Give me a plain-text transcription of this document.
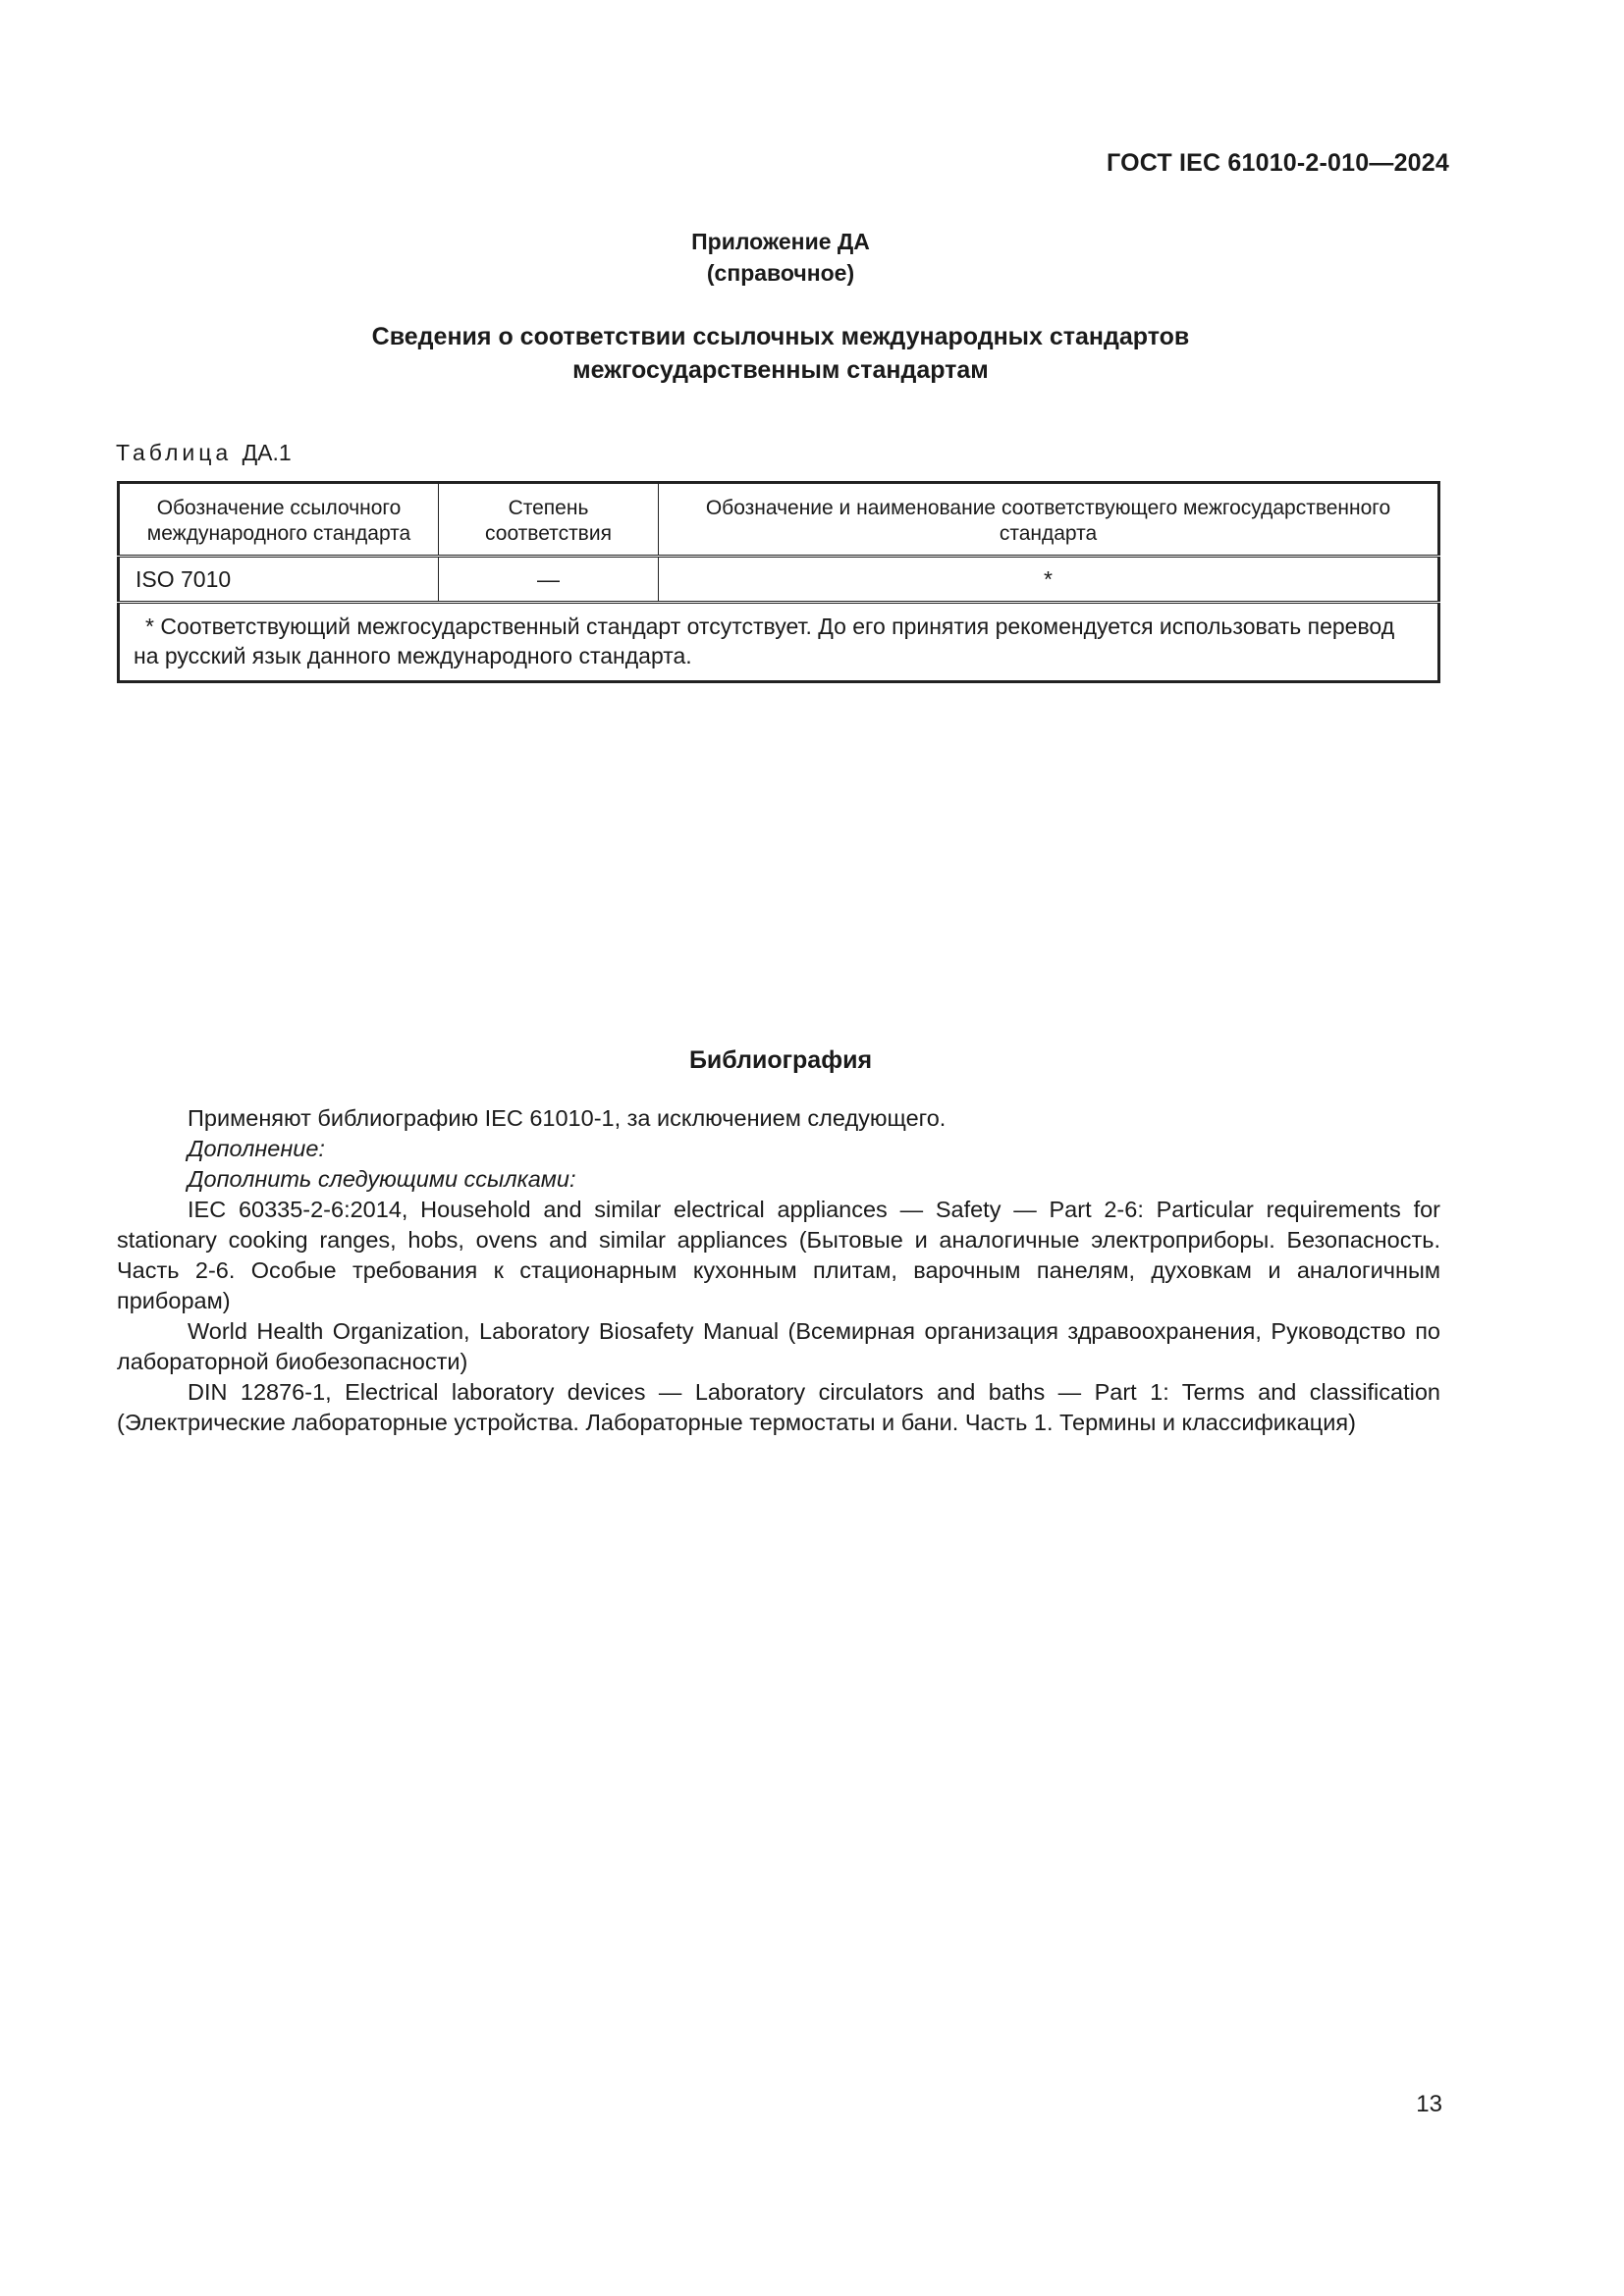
ГОСТ IEC 61010-2-010—2024
Приложение ДА
(справочное)
Сведения о соответствии ссылочных международных стандартов
межгосударственным стандартам
Таблица ДА.1
Обозначение ссылочного международного стандарта	Степень соответствия	Обозначение и наименование соответствующего межгосударственного стандарта
ISO 7010	—	*
* Соответствующий межгосударственный стандарт отсутствует. До его принятия рекомендуется использовать перевод на русский язык данного международного стандарта.		
Библиография

Применяют библиографию IEC 61010-1, за исключением следующего.

Дополнение:

Дополнить следующими ссылками:

IEC 60335-2-6:2014, Household and similar electrical appliances — Safety — Part 2-6: Particular requirements for stationary cooking ranges, hobs, ovens and similar appliances (Бытовые и аналогичные электроприборы. Безопасность. Часть 2-6. Особые требования к стационарным кухонным плитам, варочным панелям, духовкам и аналогичным приборам)

World Health Organization, Laboratory Biosafety Manual (Всемирная организация здравоохранения, Руководство по лабораторной биобезопасности)

DIN 12876-1, Electrical laboratory devices — Laboratory circulators and baths — Part 1: Terms and classification (Электрические лабораторные устройства. Лабораторные термостаты и бани. Часть 1. Термины и классификация)

13
